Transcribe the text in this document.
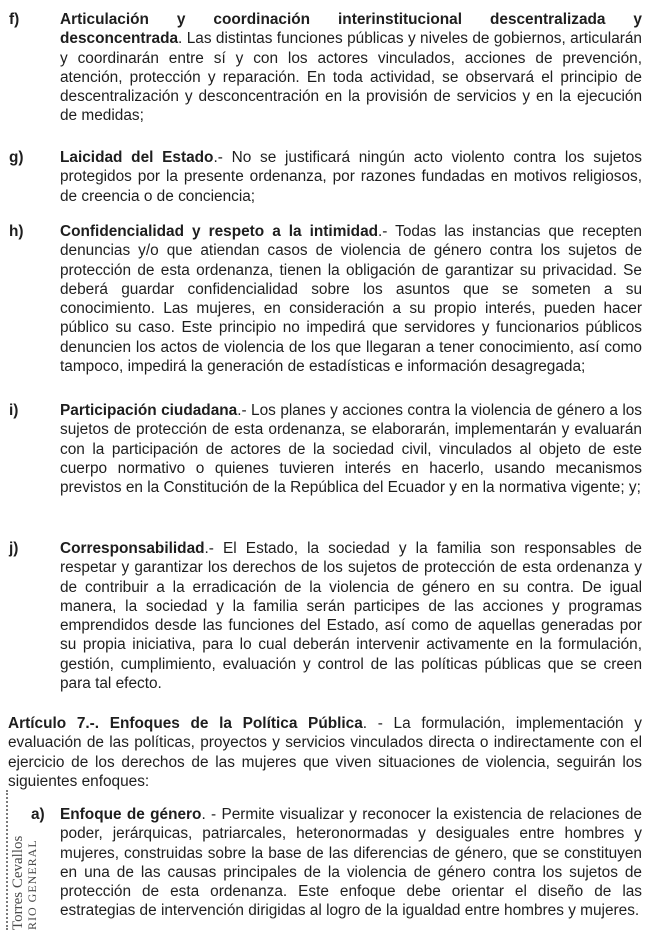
f)	Articulación y coordinación interinstitucional descentralizada y desconcentrada. Las distintas funciones públicas y niveles de gobiernos, articularán y coordinarán entre sí y con los actores vinculados, acciones de prevención, atención, protección y reparación. En toda actividad, se observará el principio de descentralización y desconcentración en la provisión de servicios y en la ejecución de medidas;

g)	Laicidad del Estado.- No se justificará ningún acto violento contra los sujetos protegidos por la presente ordenanza, por razones fundadas en motivos religiosos, de creencia o de conciencia;

h)	Confidencialidad y respeto a la intimidad.- Todas las instancias que recepten denuncias y/o que atiendan casos de violencia de género contra los sujetos de protección de esta ordenanza, tienen la obligación de garantizar su privacidad. Se deberá guardar confidencialidad sobre los asuntos que se someten a su conocimiento. Las mujeres, en consideración a su propio interés, pueden hacer público su caso. Este principio no impedirá que servidores y funcionarios públicos denuncien los actos de violencia de los que llegaran a tener conocimiento, así como tampoco, impedirá la generación de estadísticas e información desagregada;

i)	Participación ciudadana.- Los planes y acciones contra la violencia de género a los sujetos de protección de esta ordenanza, se elaborarán, implementarán y evaluarán con la participación de actores de la sociedad civil, vinculados al objeto de este cuerpo normativo o quienes tuvieren interés en hacerlo, usando mecanismos previstos en la Constitución de la República del Ecuador y en la normativa vigente; y;

j)	Corresponsabilidad.- El Estado, la sociedad y la familia son responsables de respetar y garantizar los derechos de los sujetos de protección de esta ordenanza y de contribuir a la erradicación de la violencia de género en su contra. De igual manera, la sociedad y la familia serán participes de las acciones y programas emprendidos desde las funciones del Estado, así como de aquellas generadas por su propia iniciativa, para lo cual deberán intervenir activamente en la formulación, gestión, cumplimiento, evaluación y control de las políticas públicas que se creen para tal efecto.

Artículo 7.-. Enfoques de la Política Pública. - La formulación, implementación y evaluación de las políticas, proyectos y servicios vinculados directa o indirectamente con el ejercicio de los derechos de las mujeres que viven situaciones de violencia, seguirán los siguientes enfoques:

a) Enfoque de género. - Permite visualizar y reconocer la existencia de relaciones de poder, jerárquicas, patriarcales, heteronormadas y desiguales entre hombres y mujeres, construidas sobre la base de las diferencias de género, que se constituyen en una de las causas principales de la violencia de género contra los sujetos de protección de esta ordenanza. Este enfoque debe orientar el diseño de las estrategias de intervención dirigidas al logro de la igualdad entre hombres y mujeres.

Torres Cevallos RIO GENERAL
